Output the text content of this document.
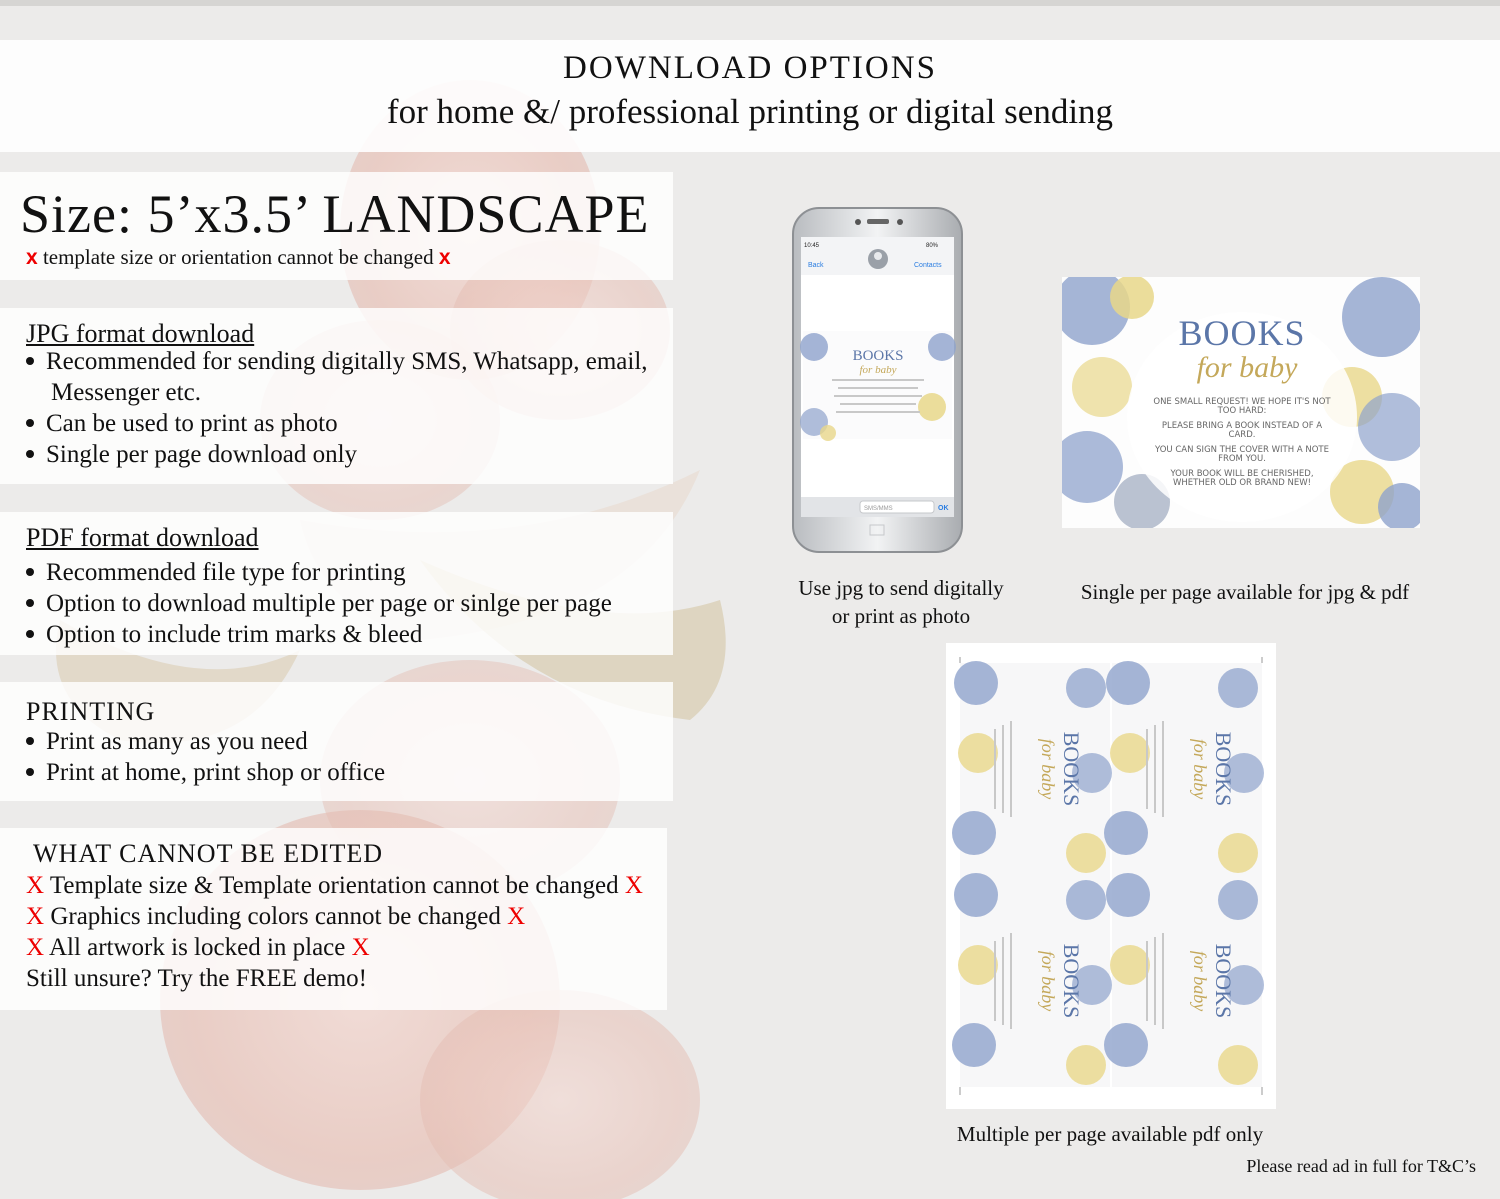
DOWNLOAD OPTIONS
for home &/ professional printing or digital sending
Size: 5’x3.5’ LANDSCAPE
x template size or orientation cannot be changed x
JPG format download
Recommended for sending digitally SMS, Whatsapp, email,
Messenger etc.
Can be used to print as photo
Single per page download only
PDF format download
Recommended file type for printing
Option to download multiple per page or sinlge per page
Option to include trim marks & bleed
PRINTING
Print as many as you need
Print at home, print shop or office
WHAT CANNOT BE EDITED
X Template size & Template orientation cannot be changed X
X Graphics including colors cannot be changed X
X All artwork is locked in place X
Still unsure? Try the FREE demo!
10:45	80%
Back	Contacts
BOOKS
for baby
SMS/MMS	OK
Use jpg to send digitally
or print as photo
BOOKS
for baby
ONE SMALL REQUEST! WE HOPE IT'S NOT
TOO HARD:
PLEASE BRING A BOOK INSTEAD OF A
CARD.
YOU CAN SIGN THE COVER WITH A NOTE
FROM YOU.
YOUR BOOK WILL BE CHERISHED,
WHETHER OLD OR BRAND NEW!
Single per page available for jpg & pdf
BOOKS
for baby
Multiple per page available pdf only
Please read ad in full for T&C’s
